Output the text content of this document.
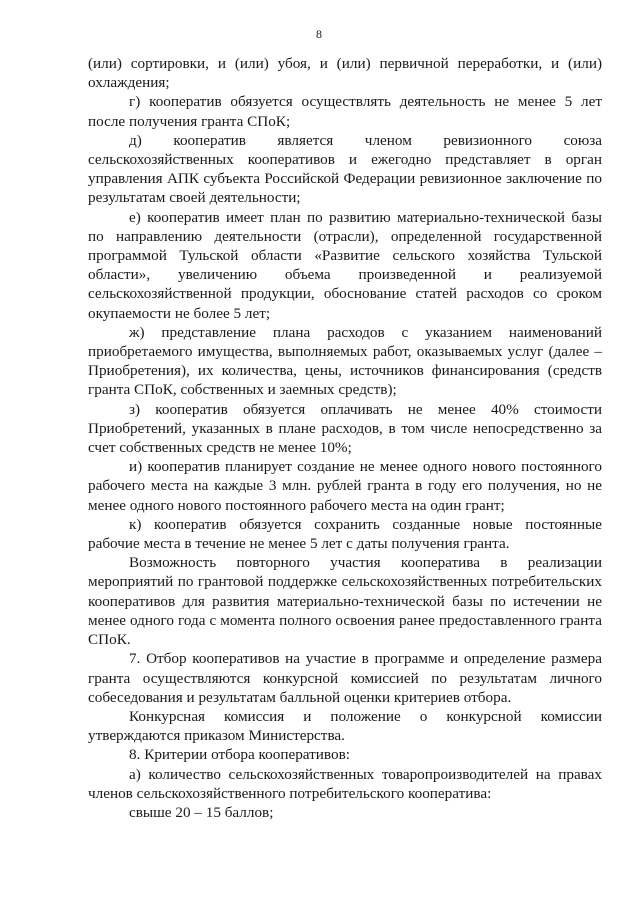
8

(или) сортировки, и (или) убоя, и (или) первичной переработки, и (или) охлаждения;

г) кооператив обязуется осуществлять деятельность не менее 5 лет после получения гранта СПоК;

д) кооператив является членом ревизионного союза сельскохозяйственных кооперативов и ежегодно представляет в орган управления АПК субъекта Российской Федерации ревизионное заключение по результатам своей деятельности;

е) кооператив имеет план по развитию материально-технической базы по направлению деятельности (отрасли), определенной государственной программой Тульской области «Развитие сельского хозяйства Тульской области», увеличению объема произведенной и реализуемой сельскохозяйственной продукции, обоснование статей расходов со сроком окупаемости не более 5 лет;

ж) представление плана расходов с указанием наименований приобретаемого имущества, выполняемых работ, оказываемых услуг (далее – Приобретения), их количества, цены, источников финансирования (средств гранта СПоК, собственных и заемных средств);

з) кооператив обязуется оплачивать не менее 40% стоимости Приобретений, указанных в плане расходов, в том числе непосредственно за счет собственных средств не менее 10%;

и) кооператив планирует создание не менее одного нового постоянного рабочего места на каждые 3 млн. рублей гранта в году его получения, но не менее одного нового постоянного рабочего места на один грант;

к) кооператив обязуется сохранить созданные новые постоянные рабочие места в течение не менее 5 лет с даты получения гранта.

Возможность повторного участия кооператива в реализации мероприятий по грантовой поддержке сельскохозяйственных потребительских кооперативов для развития материально-технической базы по истечении не менее одного года с момента полного освоения ранее предоставленного гранта СПоК.

7. Отбор кооперативов на участие в программе и определение размера гранта осуществляются конкурсной комиссией по результатам личного собеседования и результатам балльной оценки критериев отбора.

Конкурсная комиссия и положение о конкурсной комиссии утверждаются приказом Министерства.

8. Критерии отбора кооперативов:

а) количество сельскохозяйственных товаропроизводителей на правах членов сельскохозяйственного потребительского кооператива:

свыше 20 – 15 баллов;
